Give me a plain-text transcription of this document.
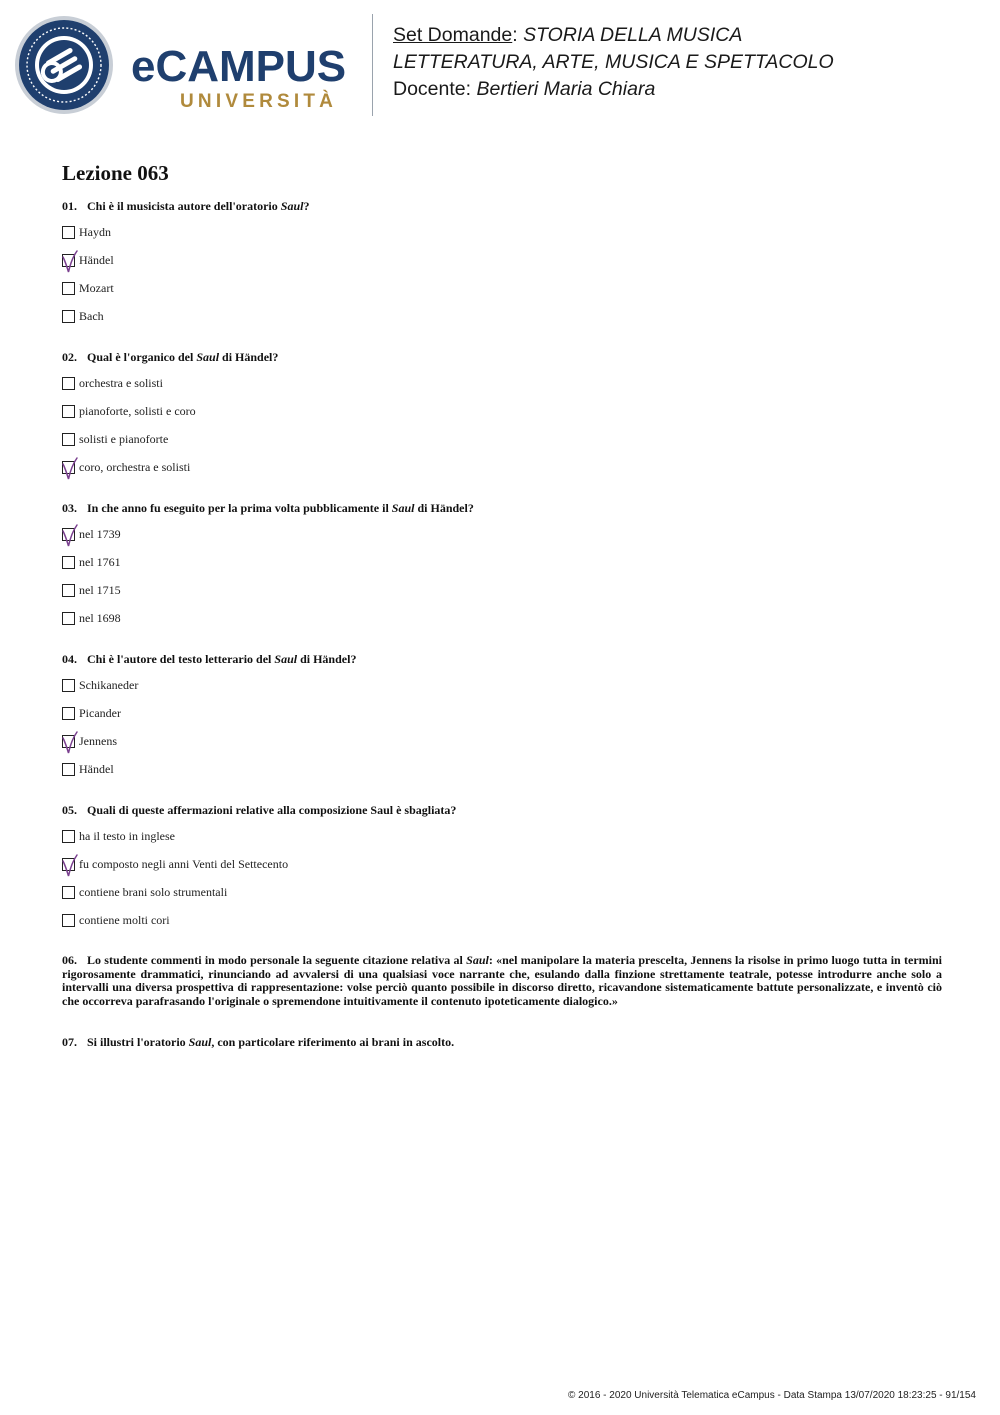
eCAMPUS
UNIVERSITÀ
Set Domande: STORIA DELLA MUSICA
LETTERATURA, ARTE, MUSICA E SPETTACOLO
Docente: Bertieri Maria Chiara
Lezione 063

01. Chi è il musicista autore dell'oratorio Saul?

Haydn
Händel
Mozart
Bach

02. Qual è l'organico del Saul di Händel?

orchestra e solisti
pianoforte, solisti e coro
solisti e pianoforte
coro, orchestra e solisti

03. In che anno fu eseguito per la prima volta pubblicamente il Saul di Händel?

nel 1739
nel 1761
nel 1715
nel 1698

04. Chi è l'autore del testo letterario del Saul di Händel?

Schikaneder
Picander
Jennens
Händel

05. Quali di queste affermazioni relative alla composizione Saul è sbagliata?

ha il testo in inglese
fu composto negli anni Venti del Settecento
contiene brani solo strumentali
contiene molti cori

06. Lo studente commenti in modo personale la seguente citazione relativa al Saul: «nel manipolare la materia prescelta, Jennens la risolse in primo luogo tutta in termini rigorosamente drammatici, rinunciando ad avvalersi di una qualsiasi voce narrante che, esulando dalla finzione strettamente teatrale, potesse introdurre anche solo a intervalli una diversa prospettiva di rappresentazione: volse perciò quanto possibile in discorso diretto, ricavandone sistematicamente battute personalizzate, e inventò ciò che occorreva parafrasando l'originale o spremendone intuitivamente il contenuto ipoteticamente dialogico.»

07. Si illustri l'oratorio Saul, con particolare riferimento ai brani in ascolto.

© 2016 - 2020 Università Telematica eCampus - Data Stampa 13/07/2020 18:23:25 - 91/154
